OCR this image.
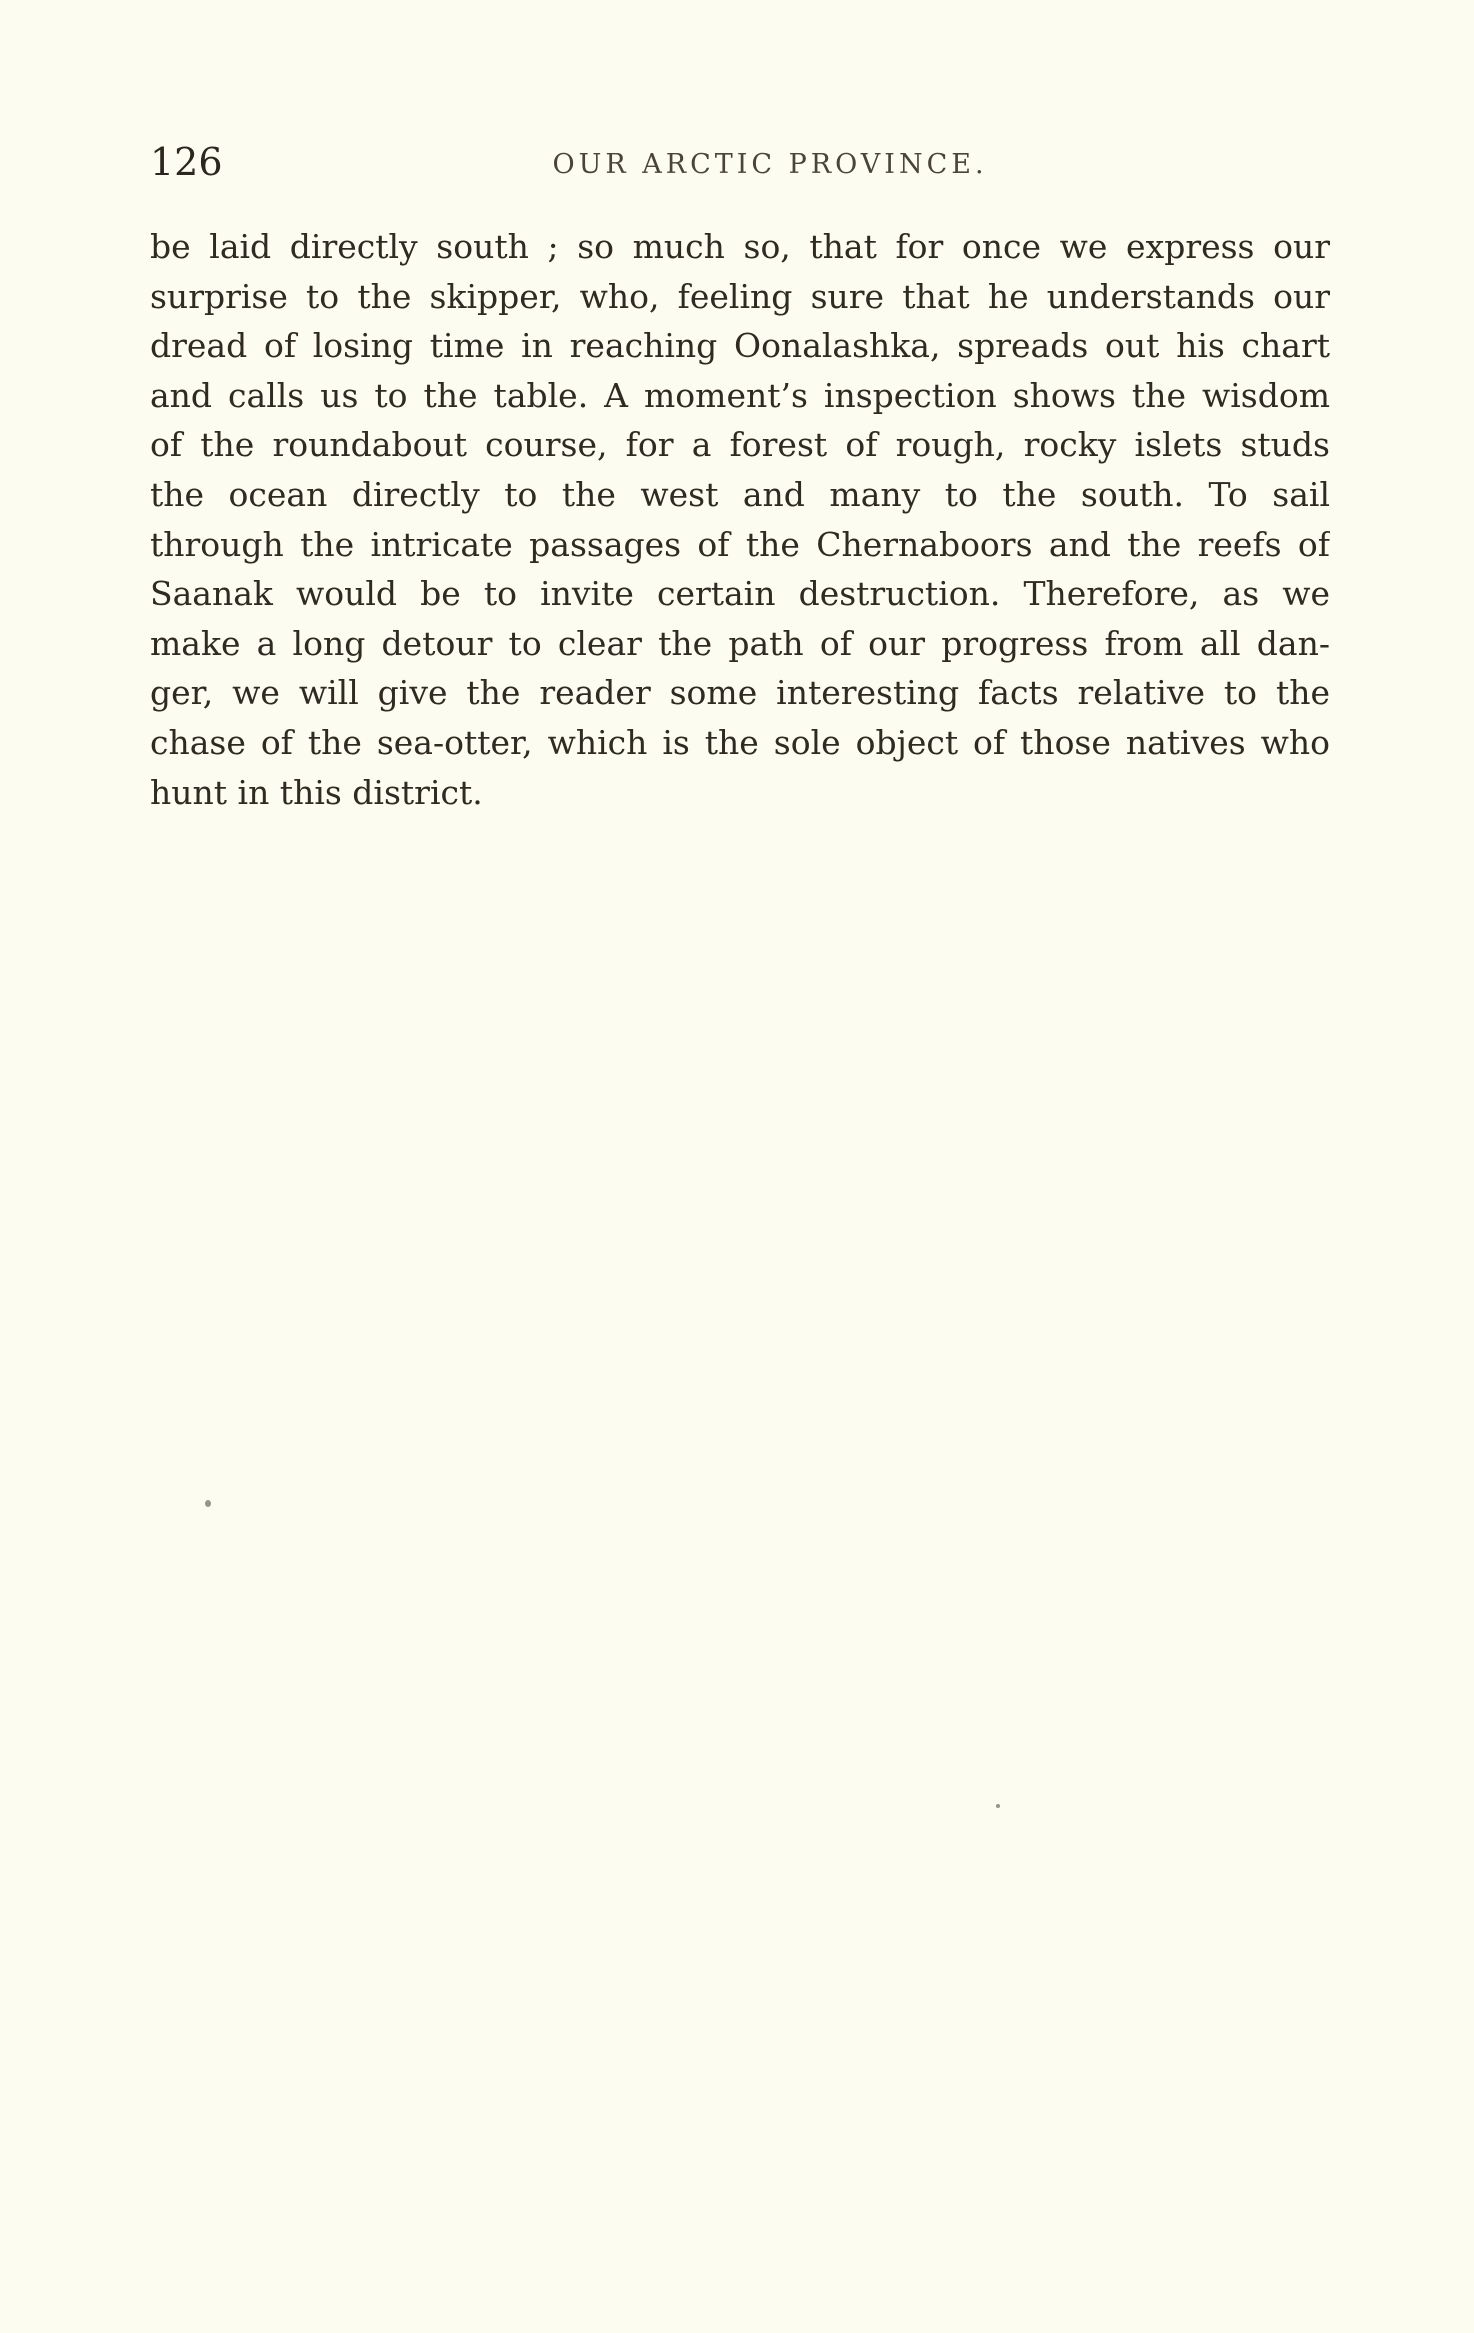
126	OUR ARCTIC PROVINCE.
be laid directly south ; so much so, that for once we express our
surprise to the skipper, who, feeling sure that he understands our
dread of losing time in reaching Oonalashka, spreads out his chart
and calls us to the table. A moment’s inspection shows the wisdom
of the roundabout course, for a forest of rough, rocky islets studs
the ocean directly to the west and many to the south. To sail
through the intricate passages of the Chernaboors and the reefs of
Saanak would be to invite certain destruction. Therefore, as we
make a long detour to clear the path of our progress from all dan-
ger, we will give the reader some interesting facts relative to the
chase of the sea-otter, which is the sole object of those natives who
hunt in this district.
